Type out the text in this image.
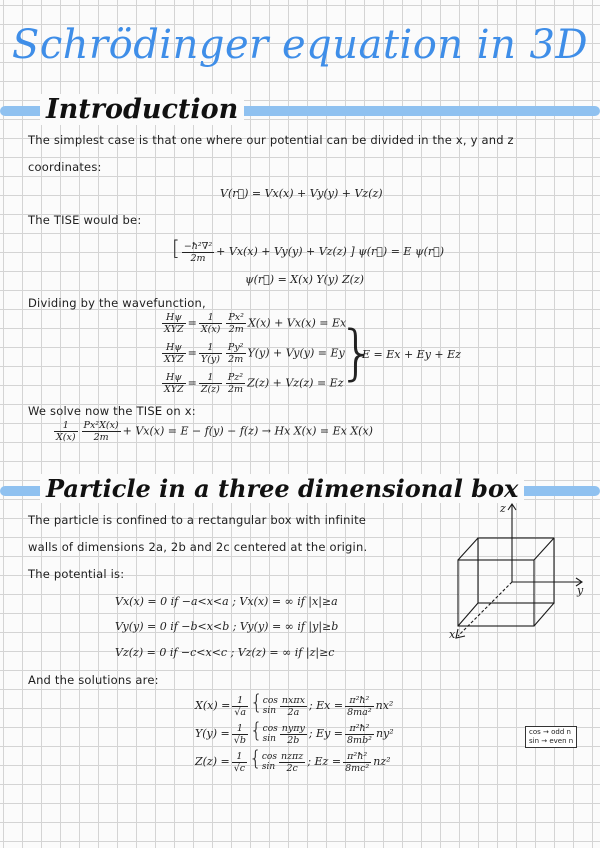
Schrödinger equation in 3D
Introduction
The simplest case is that one where our potential can be divided in the x, y and z
coordinates:
V(r⃗) = Vx(x) + Vy(y) + Vz(z)
The TISE would be:
[ $\frac{\text{−ħ²∇²}}{2m} + Vx(x) + Vy(y) + Vz(z)$ ] ψ(r⃗) = E ψ(r⃗)
ψ(r⃗) = X(x) Y(y) Z(z)
Dividing by the wavefunction,
$\frac{H\psi}{\text{XYZ}} = \frac{1}{X(x)} \frac{\text{Px²}}{2m} X(x) + Vx(x) = Ex$
$\frac{H\psi}{\text{XYZ}} = \frac{1}{Y(y)} \frac{\text{Py²}}{2m} Y(y) + Vy(y) = Ey$
$\frac{H\psi}{\text{XYZ}} = \frac{1}{Z(z)} \frac{\text{Pz²}}{2m} Z(z) + Vz(z) = Ez$
}
E = Ex + Ey + Ez
We solve now the TISE on x:
$\frac{1}{X(x)} \frac{\text{Px²X(x)}}{2m} + Vx(x) = E - f(y) - f(z) \to Hx$ X(x) = Ex X(x)
Particle in a three dimensional box
The particle is confined to a rectangular box with infinite
walls of dimensions 2a, 2b and 2c centered at the origin.
The potential is:
Vx(x) = 0 if −a<x<a ; Vx(x) = ∞ if |x|≥a
Vy(y) = 0 if −b<x<b ; Vy(y) = ∞ if |y|≥b
Vz(z) = 0 if −c<x<c ; Vz(z) = ∞ if |z|≥c
And the solutions are:
$X(x) = \frac{1}{√a} \{\cos$
$\sin \frac{\text{nxπx}}{2a}$ ; $Ex = \frac{\text{π²ħ²}}{\text{8ma²}} nx^2$
$Y(y) = \frac{1}{√b} \{\cos$
$\sin \frac{\text{nyπy}}{2b}$ ; $Ey = \frac{\text{π²ħ²}}{\text{8mb²}} ny^2$
$Z(z) = \frac{1}{√c} \{\cos$
$\sin \frac{\text{nzπz}}{2c}$ ; $Ez = \frac{\text{π²ħ²}}{\text{8mc²}} nz^2$
cos → odd n
sin → even n
z
y
x
